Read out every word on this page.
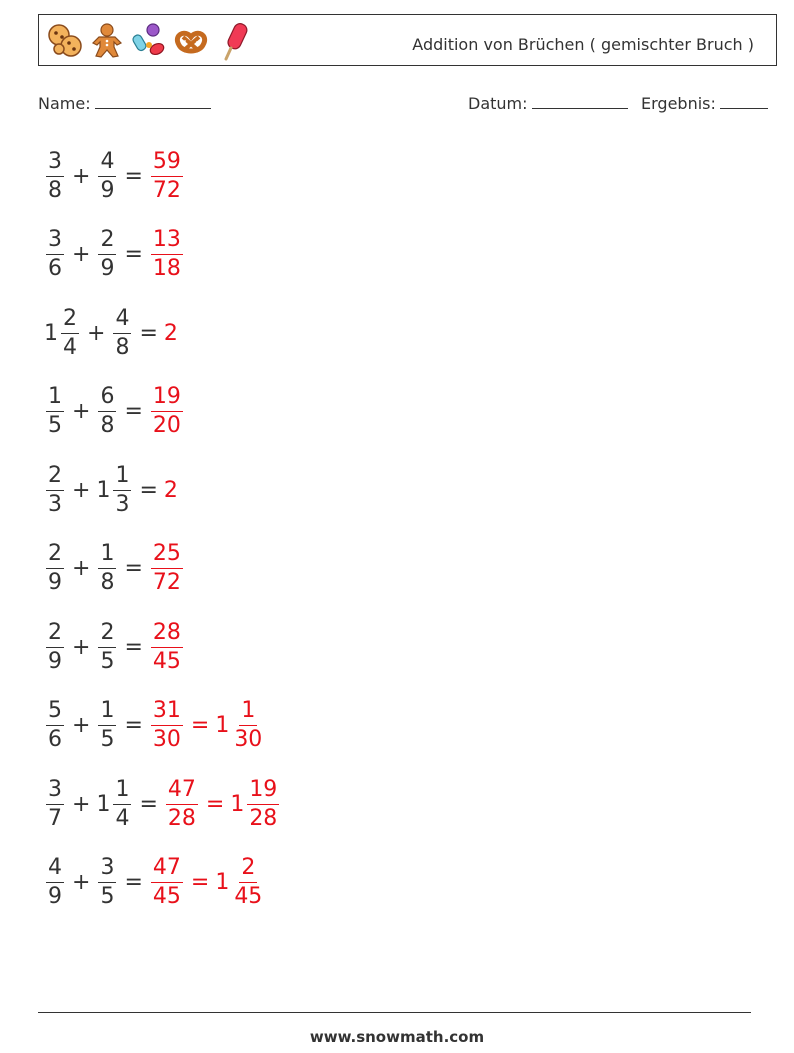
Addition von Brüchen ( gemischter Bruch )
Name:	Datum:	Ergebnis:
$\frac{3}{8} + \frac{4}{9} = \frac{59}{72}$
$\frac{3}{6} + \frac{2}{9} = \frac{13}{18}$
$1 \frac{2}{4} + \frac{4}{8} = 2$
$\frac{1}{5} + \frac{6}{8} = \frac{19}{20}$
$\frac{2}{3} + 1 \frac{1}{3} = 2$
$\frac{2}{9} + \frac{1}{8} = \frac{25}{72}$
$\frac{2}{9} + \frac{2}{5} = \frac{28}{45}$
$\frac{5}{6} + \frac{1}{5} = \frac{31}{30} = 1 \frac{1}{30}$
$\frac{3}{7} + 1 \frac{1}{4} = \frac{47}{28} = 1 \frac{19}{28}$
$\frac{4}{9} + \frac{3}{5} = \frac{47}{45} = 1 \frac{2}{45}$
www.snowmath.com
